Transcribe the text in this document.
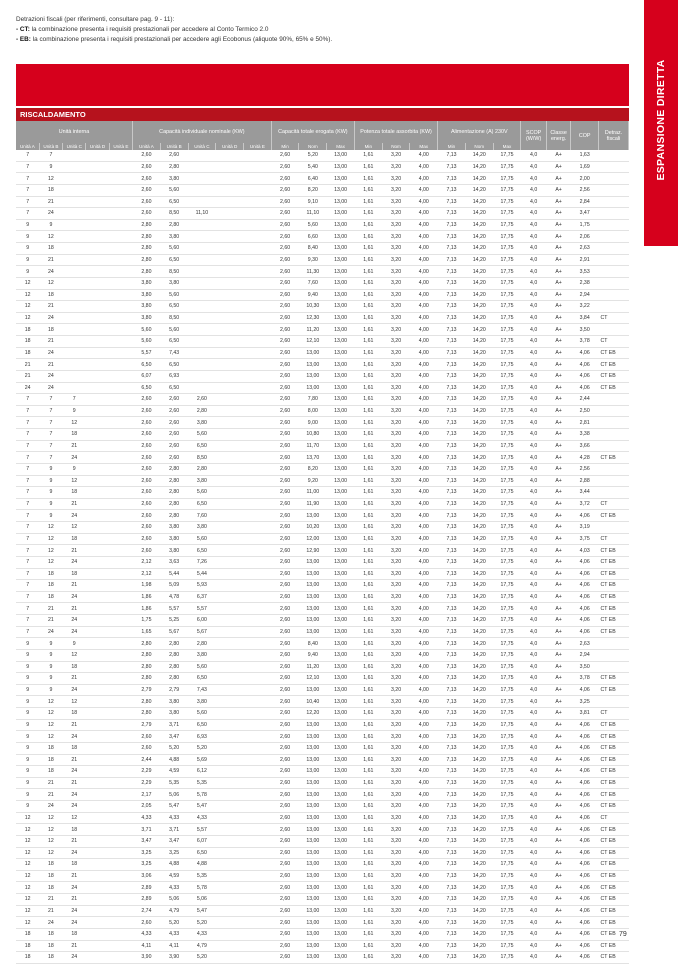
Detrazioni fiscali (per riferimenti, consultare pag. 9 - 11):
- CT: la combinazione presenta i requisiti prestazionali per accedere al Conto Termico 2.0
- EB: la combinazione presenta i requisiti prestazionali per accedere agli Ecobonus (aliquote 90%, 65% e 50%).
ESPANSIONE DIRETTA
RISCALDAMENTO
Unità interna					Capacità individuale nominale (KW)					Capacità totale erogata (KW)			Potenza totale assorbita (KW)			Alimentazione (A) 230V			SCOP (W/W)	Classe energ.	COP	Detraz. fiscali
Unità A	Unità B	Unità C	Unità D	Unità E	Unità A	Unità B	Unità C	Unità D	Unità E	Min	Nom	Max	Min	Nom	Max	Min	Nom	Max				
7	7				2,60	2,60				2,60	5,20	13,00	1,61	3,20	4,00	7,13	14,20	17,75	4,0	A+	1,63	
7	9				2,60	2,80				2,60	5,40	13,00	1,61	3,20	4,00	7,13	14,20	17,75	4,0	A+	1,69	
7	12				2,60	3,80				2,60	6,40	13,00	1,61	3,20	4,00	7,13	14,20	17,75	4,0	A+	2,00	
7	18				2,60	5,60				2,60	8,20	13,00	1,61	3,20	4,00	7,13	14,20	17,75	4,0	A+	2,56	
7	21				2,60	6,50				2,60	9,10	13,00	1,61	3,20	4,00	7,13	14,20	17,75	4,0	A+	2,84	
7	24				2,60	8,50	11,10			2,60	11,10	13,00	1,61	3,20	4,00	7,13	14,20	17,75	4,0	A+	3,47	
9	9				2,80	2,80				2,60	5,60	13,00	1,61	3,20	4,00	7,13	14,20	17,75	4,0	A+	1,75	
9	12				2,80	3,80				2,60	6,60	13,00	1,61	3,20	4,00	7,13	14,20	17,75	4,0	A+	2,06	
9	18				2,80	5,60				2,60	8,40	13,00	1,61	3,20	4,00	7,13	14,20	17,75	4,0	A+	2,63	
9	21				2,80	6,50				2,60	9,30	13,00	1,61	3,20	4,00	7,13	14,20	17,75	4,0	A+	2,91	
9	24				2,80	8,50				2,60	11,30	13,00	1,61	3,20	4,00	7,13	14,20	17,75	4,0	A+	3,53	
12	12				3,80	3,80				2,60	7,60	13,00	1,61	3,20	4,00	7,13	14,20	17,75	4,0	A+	2,38	
12	18				3,80	5,60				2,60	9,40	13,00	1,61	3,20	4,00	7,13	14,20	17,75	4,0	A+	2,94	
12	21				3,80	6,50				2,60	10,30	13,00	1,61	3,20	4,00	7,13	14,20	17,75	4,0	A+	3,22	
12	24				3,80	8,50				2,60	12,30	13,00	1,61	3,20	4,00	7,13	14,20	17,75	4,0	A+	3,84	CT
18	18				5,60	5,60				2,60	11,20	13,00	1,61	3,20	4,00	7,13	14,20	17,75	4,0	A+	3,50	
18	21				5,60	6,50				2,60	12,10	13,00	1,61	3,20	4,00	7,13	14,20	17,75	4,0	A+	3,78	CT
18	24				5,57	7,43				2,60	13,00	13,00	1,61	3,20	4,00	7,13	14,20	17,75	4,0	A+	4,06	CT EB
21	21				6,50	6,50				2,60	13,00	13,00	1,61	3,20	4,00	7,13	14,20	17,75	4,0	A+	4,06	CT EB
21	24				6,07	6,93				2,60	13,00	13,00	1,61	3,20	4,00	7,13	14,20	17,75	4,0	A+	4,06	CT EB
24	24				6,50	6,50				2,60	13,00	13,00	1,61	3,20	4,00	7,13	14,20	17,75	4,0	A+	4,06	CT EB
7	7	7			2,60	2,60	2,60			2,60	7,80	13,00	1,61	3,20	4,00	7,13	14,20	17,75	4,0	A+	2,44	
7	7	9			2,60	2,60	2,80			2,60	8,00	13,00	1,61	3,20	4,00	7,13	14,20	17,75	4,0	A+	2,50	
7	7	12			2,60	2,60	3,80			2,60	9,00	13,00	1,61	3,20	4,00	7,13	14,20	17,75	4,0	A+	2,81	
7	7	18			2,60	2,60	5,60			2,60	10,80	13,00	1,61	3,20	4,00	7,13	14,20	17,75	4,0	A+	3,38	
7	7	21			2,60	2,60	6,50			2,60	11,70	13,00	1,61	3,20	4,00	7,13	14,20	17,75	4,0	A+	3,66	
7	7	24			2,60	2,60	8,50			2,60	13,70	13,00	1,61	3,20	4,00	7,13	14,20	17,75	4,0	A+	4,28	CT EB
7	9	9			2,60	2,80	2,80			2,60	8,20	13,00	1,61	3,20	4,00	7,13	14,20	17,75	4,0	A+	2,56	
7	9	12			2,60	2,80	3,80			2,60	9,20	13,00	1,61	3,20	4,00	7,13	14,20	17,75	4,0	A+	2,88	
7	9	18			2,60	2,80	5,60			2,60	11,00	13,00	1,61	3,20	4,00	7,13	14,20	17,75	4,0	A+	3,44	
7	9	21			2,60	2,80	6,50			2,60	11,90	13,00	1,61	3,20	4,00	7,13	14,20	17,75	4,0	A+	3,72	CT
7	9	24			2,60	2,80	7,60			2,60	13,00	13,00	1,61	3,20	4,00	7,13	14,20	17,75	4,0	A+	4,06	CT EB
7	12	12			2,60	3,80	3,80			2,60	10,20	13,00	1,61	3,20	4,00	7,13	14,20	17,75	4,0	A+	3,19	
7	12	18			2,60	3,80	5,60			2,60	12,00	13,00	1,61	3,20	4,00	7,13	14,20	17,75	4,0	A+	3,75	CT
7	12	21			2,60	3,80	6,50			2,60	12,90	13,00	1,61	3,20	4,00	7,13	14,20	17,75	4,0	A+	4,03	CT EB
7	12	24			2,12	3,63	7,26			2,60	13,00	13,00	1,61	3,20	4,00	7,13	14,20	17,75	4,0	A+	4,06	CT EB
7	18	18			2,12	5,44	5,44			2,60	13,00	13,00	1,61	3,20	4,00	7,13	14,20	17,75	4,0	A+	4,06	CT EB
7	18	21			1,98	5,09	5,93			2,60	13,00	13,00	1,61	3,20	4,00	7,13	14,20	17,75	4,0	A+	4,06	CT EB
7	18	24			1,86	4,78	6,37			2,60	13,00	13,00	1,61	3,20	4,00	7,13	14,20	17,75	4,0	A+	4,06	CT EB
7	21	21			1,86	5,57	5,57			2,60	13,00	13,00	1,61	3,20	4,00	7,13	14,20	17,75	4,0	A+	4,06	CT EB
7	21	24			1,75	5,25	6,00			2,60	13,00	13,00	1,61	3,20	4,00	7,13	14,20	17,75	4,0	A+	4,06	CT EB
7	24	24			1,65	5,67	5,67			2,60	13,00	13,00	1,61	3,20	4,00	7,13	14,20	17,75	4,0	A+	4,06	CT EB
9	9	9			2,80	2,80	2,80			2,60	8,40	13,00	1,61	3,20	4,00	7,13	14,20	17,75	4,0	A+	2,63	
9	9	12			2,80	2,80	3,80			2,60	9,40	13,00	1,61	3,20	4,00	7,13	14,20	17,75	4,0	A+	2,94	
9	9	18			2,80	2,80	5,60			2,60	11,20	13,00	1,61	3,20	4,00	7,13	14,20	17,75	4,0	A+	3,50	
9	9	21			2,80	2,80	6,50			2,60	12,10	13,00	1,61	3,20	4,00	7,13	14,20	17,75	4,0	A+	3,78	CT EB
9	9	24			2,79	2,79	7,43			2,60	13,00	13,00	1,61	3,20	4,00	7,13	14,20	17,75	4,0	A+	4,06	CT EB
9	12	12			2,80	3,80	3,80			2,60	10,40	13,00	1,61	3,20	4,00	7,13	14,20	17,75	4,0	A+	3,25	
9	12	18			2,80	3,80	5,60			2,60	12,20	13,00	1,61	3,20	4,00	7,13	14,20	17,75	4,0	A+	3,81	CT
9	12	21			2,79	3,71	6,50			2,60	13,00	13,00	1,61	3,20	4,00	7,13	14,20	17,75	4,0	A+	4,06	CT EB
9	12	24			2,60	3,47	6,93			2,60	13,00	13,00	1,61	3,20	4,00	7,13	14,20	17,75	4,0	A+	4,06	CT EB
9	18	18			2,60	5,20	5,20			2,60	13,00	13,00	1,61	3,20	4,00	7,13	14,20	17,75	4,0	A+	4,06	CT EB
9	18	21			2,44	4,88	5,69			2,60	13,00	13,00	1,61	3,20	4,00	7,13	14,20	17,75	4,0	A+	4,06	CT EB
9	18	24			2,29	4,59	6,12			2,60	13,00	13,00	1,61	3,20	4,00	7,13	14,20	17,75	4,0	A+	4,06	CT EB
9	21	21			2,29	5,35	5,35			2,60	13,00	13,00	1,61	3,20	4,00	7,13	14,20	17,75	4,0	A+	4,06	CT EB
9	21	24			2,17	5,06	5,78			2,60	13,00	13,00	1,61	3,20	4,00	7,13	14,20	17,75	4,0	A+	4,06	CT EB
9	24	24			2,05	5,47	5,47			2,60	13,00	13,00	1,61	3,20	4,00	7,13	14,20	17,75	4,0	A+	4,06	CT EB
12	12	12			4,33	4,33	4,33			2,60	13,00	13,00	1,61	3,20	4,00	7,13	14,20	17,75	4,0	A+	4,06	CT
12	12	18			3,71	3,71	5,57			2,60	13,00	13,00	1,61	3,20	4,00	7,13	14,20	17,75	4,0	A+	4,06	CT EB
12	12	21			3,47	3,47	6,07			2,60	13,00	13,00	1,61	3,20	4,00	7,13	14,20	17,75	4,0	A+	4,06	CT EB
12	12	24			3,25	3,25	6,50			2,60	13,00	13,00	1,61	3,20	4,00	7,13	14,20	17,75	4,0	A+	4,06	CT EB
12	18	18			3,25	4,88	4,88			2,60	13,00	13,00	1,61	3,20	4,00	7,13	14,20	17,75	4,0	A+	4,06	CT EB
12	18	21			3,06	4,59	5,35			2,60	13,00	13,00	1,61	3,20	4,00	7,13	14,20	17,75	4,0	A+	4,06	CT EB
12	18	24			2,89	4,33	5,78			2,60	13,00	13,00	1,61	3,20	4,00	7,13	14,20	17,75	4,0	A+	4,06	CT EB
12	21	21			2,89	5,06	5,06			2,60	13,00	13,00	1,61	3,20	4,00	7,13	14,20	17,75	4,0	A+	4,06	CT EB
12	21	24			2,74	4,79	5,47			2,60	13,00	13,00	1,61	3,20	4,00	7,13	14,20	17,75	4,0	A+	4,06	CT EB
12	24	24			2,60	5,20	5,20			2,60	13,00	13,00	1,61	3,20	4,00	7,13	14,20	17,75	4,0	A+	4,06	CT EB
18	18	18			4,33	4,33	4,33			2,60	13,00	13,00	1,61	3,20	4,00	7,13	14,20	17,75	4,0	A+	4,06	CT EB
18	18	21			4,11	4,11	4,79			2,60	13,00	13,00	1,61	3,20	4,00	7,13	14,20	17,75	4,0	A+	4,06	CT EB
18	18	24			3,90	3,90	5,20			2,60	13,00	13,00	1,61	3,20	4,00	7,13	14,20	17,75	4,0	A+	4,06	CT EB
79
